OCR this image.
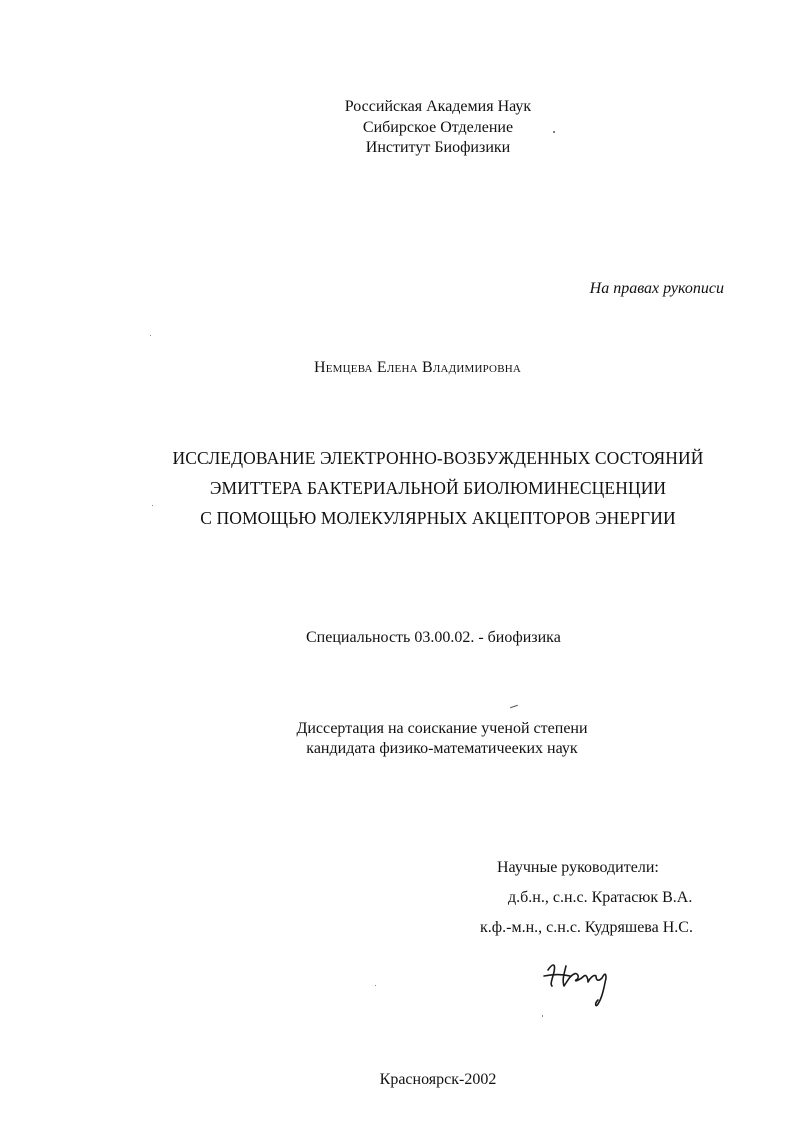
Российская Академия Наук
Сибирское Отделение
Институт Биофизики
На правах рукописи
Немцева Елена Владимировна
ИССЛЕДОВАНИЕ ЭЛЕКТРОННО-ВОЗБУЖДЕННЫХ СОСТОЯНИЙ
ЭМИТТЕРА БАКТЕРИАЛЬНОЙ БИОЛЮМИНЕСЦЕНЦИИ
С ПОМОЩЬЮ МОЛЕКУЛЯРНЫХ АКЦЕПТОРОВ ЭНЕРГИИ
Специальность 03.00.02. - биофизика
Диссертация на соискание ученой степени
кандидата физико-математичееких наук
Научные руководители:
д.б.н., с.н.с. Кратасюк В.А.
к.ф.-м.н., с.н.с. Кудряшева Н.С.
Красноярск-2002
